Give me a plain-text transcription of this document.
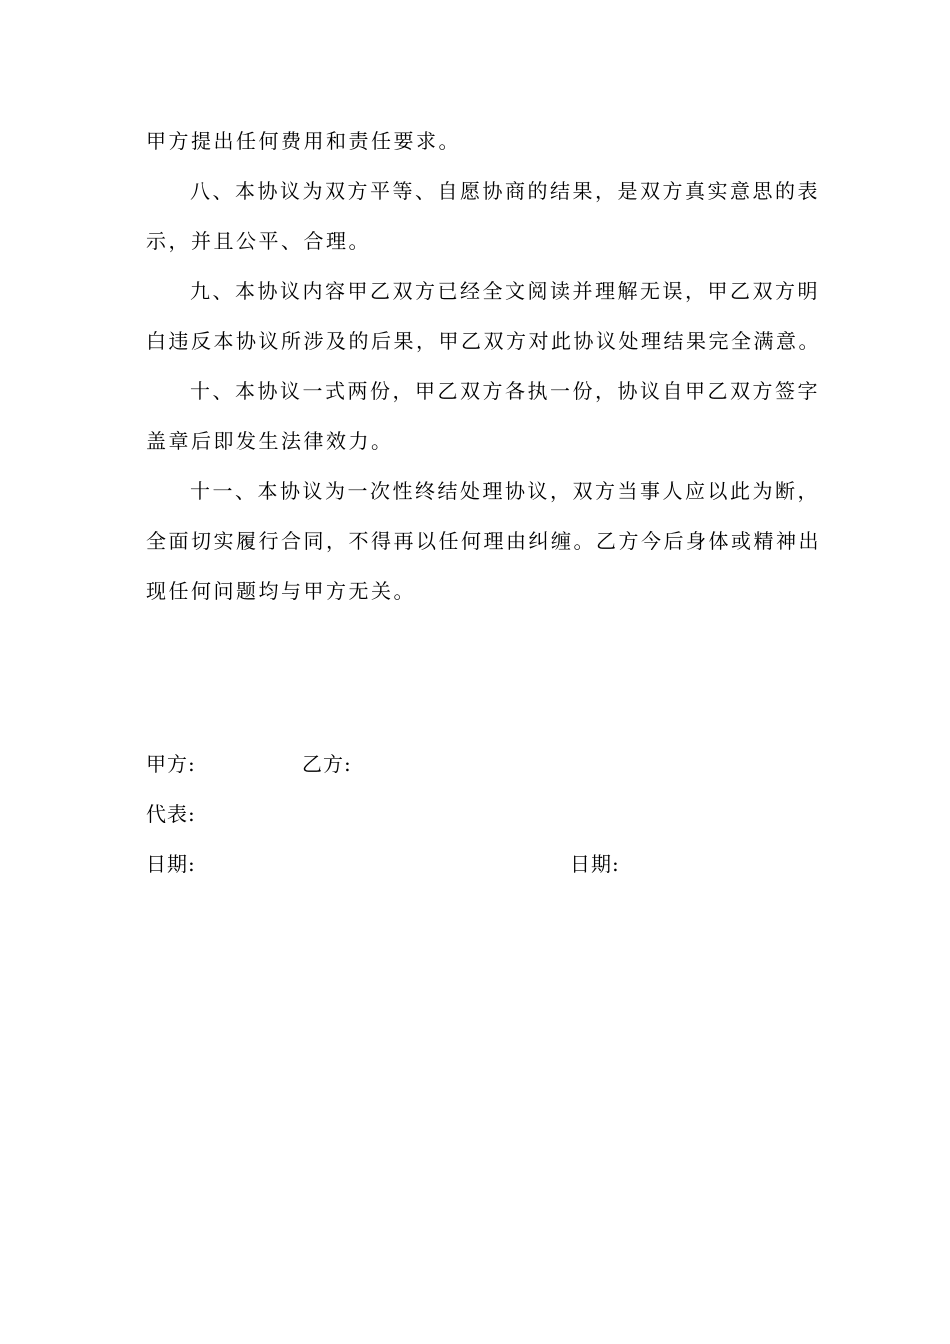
甲方提出任何费用和责任要求。
八、本协议为双方平等、自愿协商的结果，是双方真实意思的表
示，并且公平、合理。
九、本协议内容甲乙双方已经全文阅读并理解无误，甲乙双方明
白违反本协议所涉及的后果，甲乙双方对此协议处理结果完全满意。
十、本协议一式两份，甲乙双方各执一份，协议自甲乙双方签字
盖章后即发生法律效力。
十一、本协议为一次性终结处理协议，双方当事人应以此为断，
全面切实履行合同，不得再以任何理由纠缠。乙方今后身体或精神出
现任何问题均与甲方无关。
甲方:	乙方:
代表:
日期:	日期:
